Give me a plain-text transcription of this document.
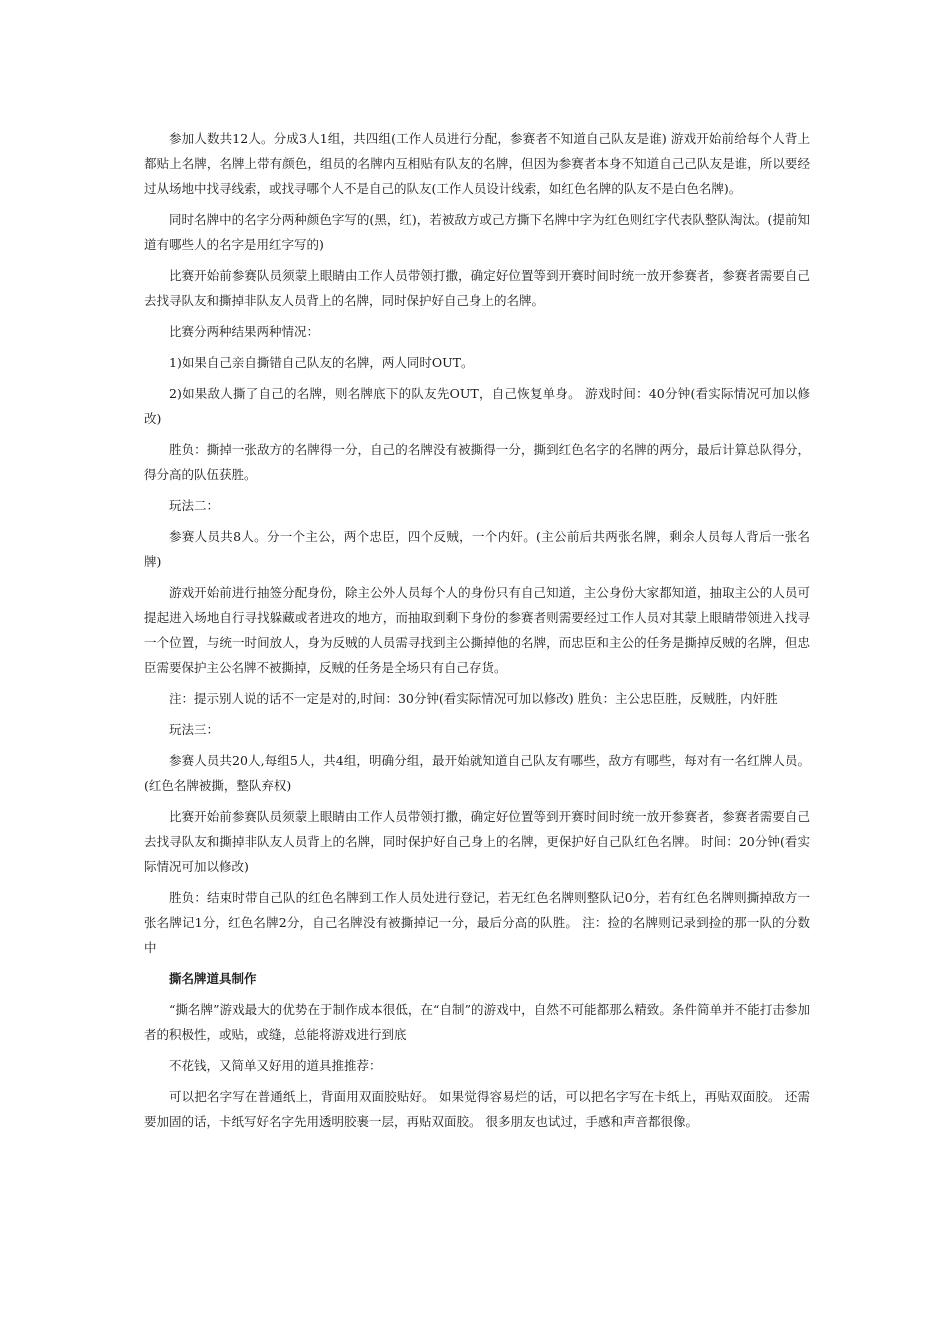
参加人数共12人。分成3人1组，共四组(工作人员进行分配，参赛者不知道自己队友是谁) 游戏开始前给每个人背上都贴上名牌，名牌上带有颜色，组员的名牌内互相贴有队友的名牌，但因为参赛者本身不知道自己己队友是谁，所以要经过从场地中找寻线索，或找寻哪个人不是自己的队友(工作人员设计线索，如红色名牌的队友不是白色名牌)。

同时名牌中的名字分两种颜色字写的(黑，红)，若被敌方或己方撕下名牌中字为红色则红字代表队整队淘汰。(提前知道有哪些人的名字是用红字写的)

比赛开始前参赛队员须蒙上眼睛由工作人员带领打撒，确定好位置等到开赛时间时统一放开参赛者，参赛者需要自己去找寻队友和撕掉非队友人员背上的名牌，同时保护好自己身上的名牌。

比赛分两种结果两种情况：

1)如果自己亲自撕错自己队友的名牌，两人同时OUT。

2)如果敌人撕了自己的名牌，则名牌底下的队友先OUT，自己恢复单身。 游戏时间：40分钟(看实际情况可加以修改)

胜负：撕掉一张敌方的名牌得一分，自己的名牌没有被撕得一分，撕到红色名字的名牌的两分，最后计算总队得分，得分高的队伍获胜。

玩法二：

参赛人员共8人。分一个主公，两个忠臣，四个反贼，一个内奸。(主公前后共两张名牌，剩余人员每人背后一张名牌)

游戏开始前进行抽签分配身份，除主公外人员每个人的身份只有自己知道，主公身份大家都知道，抽取主公的人员可提起进入场地自行寻找躲藏或者进攻的地方，而抽取到剩下身份的参赛者则需要经过工作人员对其蒙上眼睛带领进入找寻一个位置，与统一时间放人，身为反贼的人员需寻找到主公撕掉他的名牌，而忠臣和主公的任务是撕掉反贼的名牌，但忠臣需要保护主公名牌不被撕掉，反贼的任务是全场只有自己存货。

注：提示别人说的话不一定是对的,时间：30分钟(看实际情况可加以修改) 胜负：主公忠臣胜，反贼胜，内奸胜

玩法三：

参赛人员共20人,每组5人，共4组，明确分组，最开始就知道自己队友有哪些，敌方有哪些，每对有一名红牌人员。(红色名牌被撕，整队弃权)

比赛开始前参赛队员须蒙上眼睛由工作人员带领打撒，确定好位置等到开赛时间时统一放开参赛者，参赛者需要自己去找寻队友和撕掉非队友人员背上的名牌，同时保护好自己身上的名牌，更保护好自己队红色名牌。 时间：20分钟(看实际情况可加以修改)

胜负：结束时带自己队的红色名牌到工作人员处进行登记，若无红色名牌则整队记0分，若有红色名牌则撕掉敌方一张名牌记1分，红色名牌2分，自己名牌没有被撕掉记一分，最后分高的队胜。 注：捡的名牌则记录到捡的那一队的分数中

撕名牌道具制作

“撕名牌”游戏最大的优势在于制作成本很低，在“自制”的游戏中，自然不可能都那么精致。条件简单并不能打击参加者的积极性，或贴，或缝，总能将游戏进行到底

不花钱，又简单又好用的道具推推荐：

可以把名字写在普通纸上，背面用双面胶贴好。 如果觉得容易烂的话，可以把名字写在卡纸上，再贴双面胶。 还需要加固的话，卡纸写好名字先用透明胶裹一层，再贴双面胶。 很多朋友也试过，手感和声音都很像。
